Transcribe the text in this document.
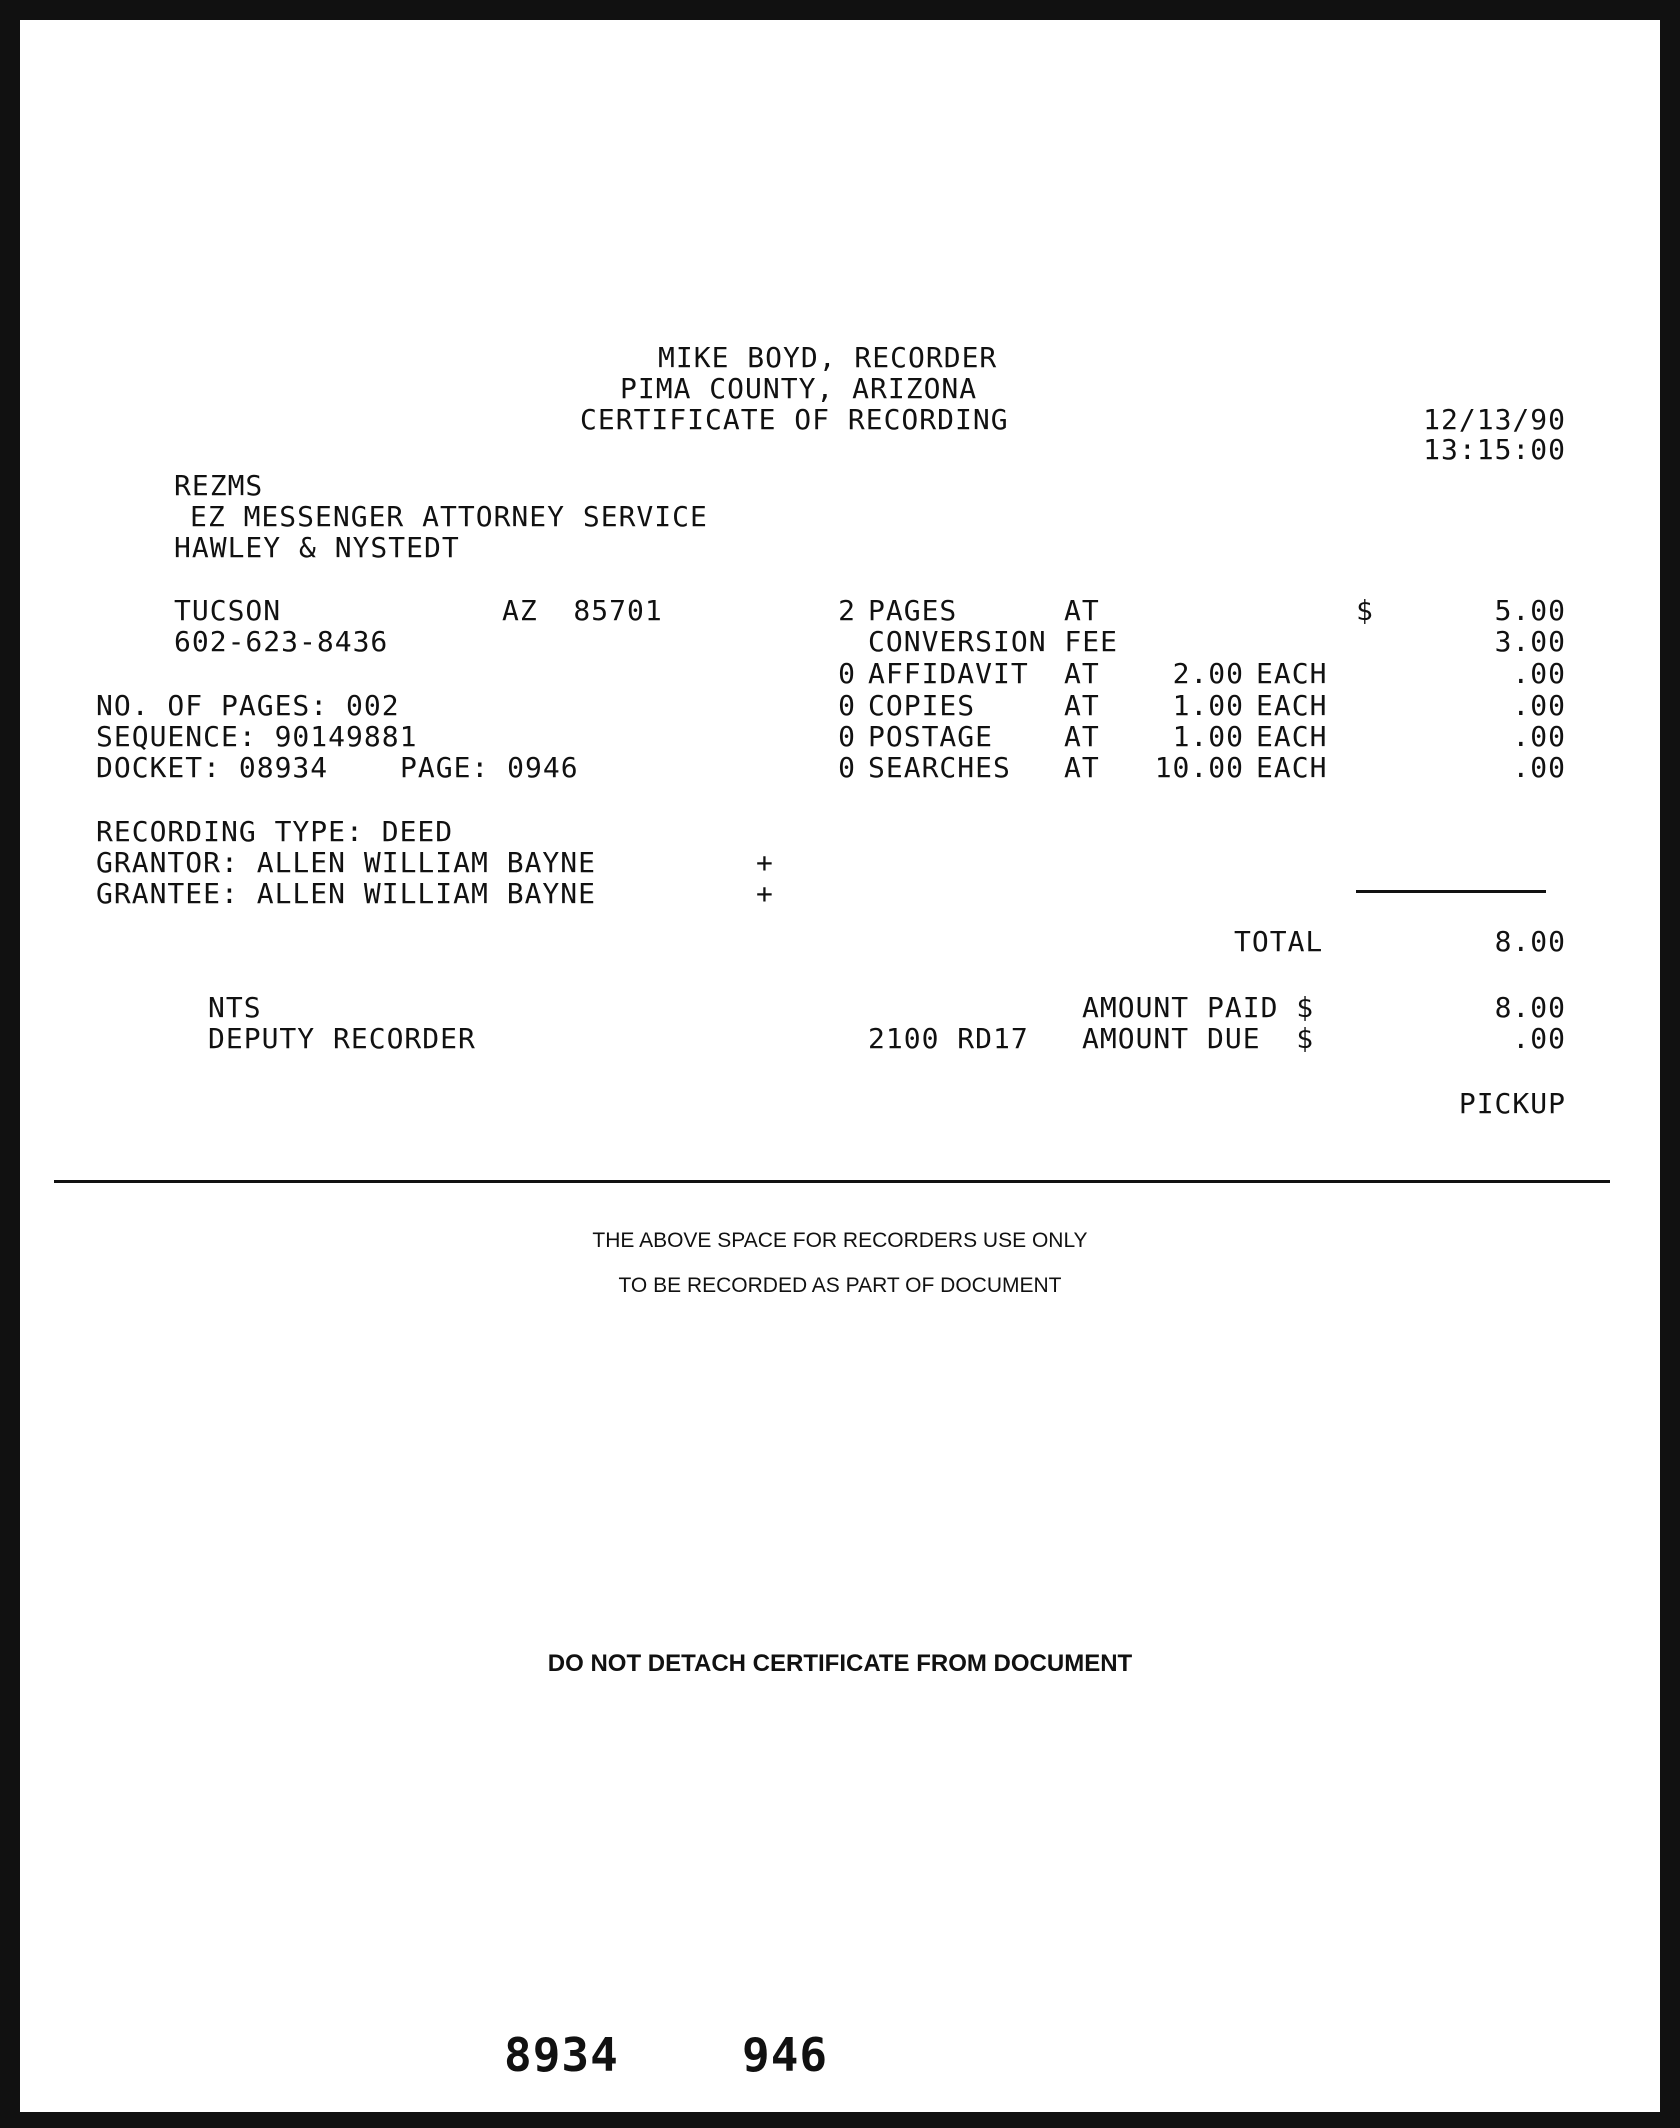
MIKE BOYD, RECORDER
PIMA COUNTY, ARIZONA
CERTIFICATE OF RECORDING	12/13/90
13:15:00
REZMS
EZ MESSENGER ATTORNEY SERVICE
HAWLEY & NYSTEDT
TUCSON	AZ  85701
602-623-8436
NO. OF PAGES: 002
SEQUENCE: 90149881
DOCKET: 08934	PAGE: 0946
RECORDING TYPE: DEED
GRANTOR: ALLEN WILLIAM BAYNE	+
GRANTEE: ALLEN WILLIAM BAYNE	+
2 PAGES	AT	$	5.00
CONVERSION FEE	3.00
0 AFFIDAVIT AT	2.00 EACH	.00
0 COPIES	AT	1.00 EACH	.00
0 POSTAGE	AT	1.00 EACH	.00
0 SEARCHES AT 10.00 EACH	.00
TOTAL	8.00
NTS
DEPUTY RECORDER	2100 RD17
AMOUNT PAID $	8.00
AMOUNT DUE  $	.00
PICKUP
THE ABOVE SPACE FOR RECORDERS USE ONLY
TO BE RECORDED AS PART OF DOCUMENT
DO NOT DETACH CERTIFICATE FROM DOCUMENT
8934	946
